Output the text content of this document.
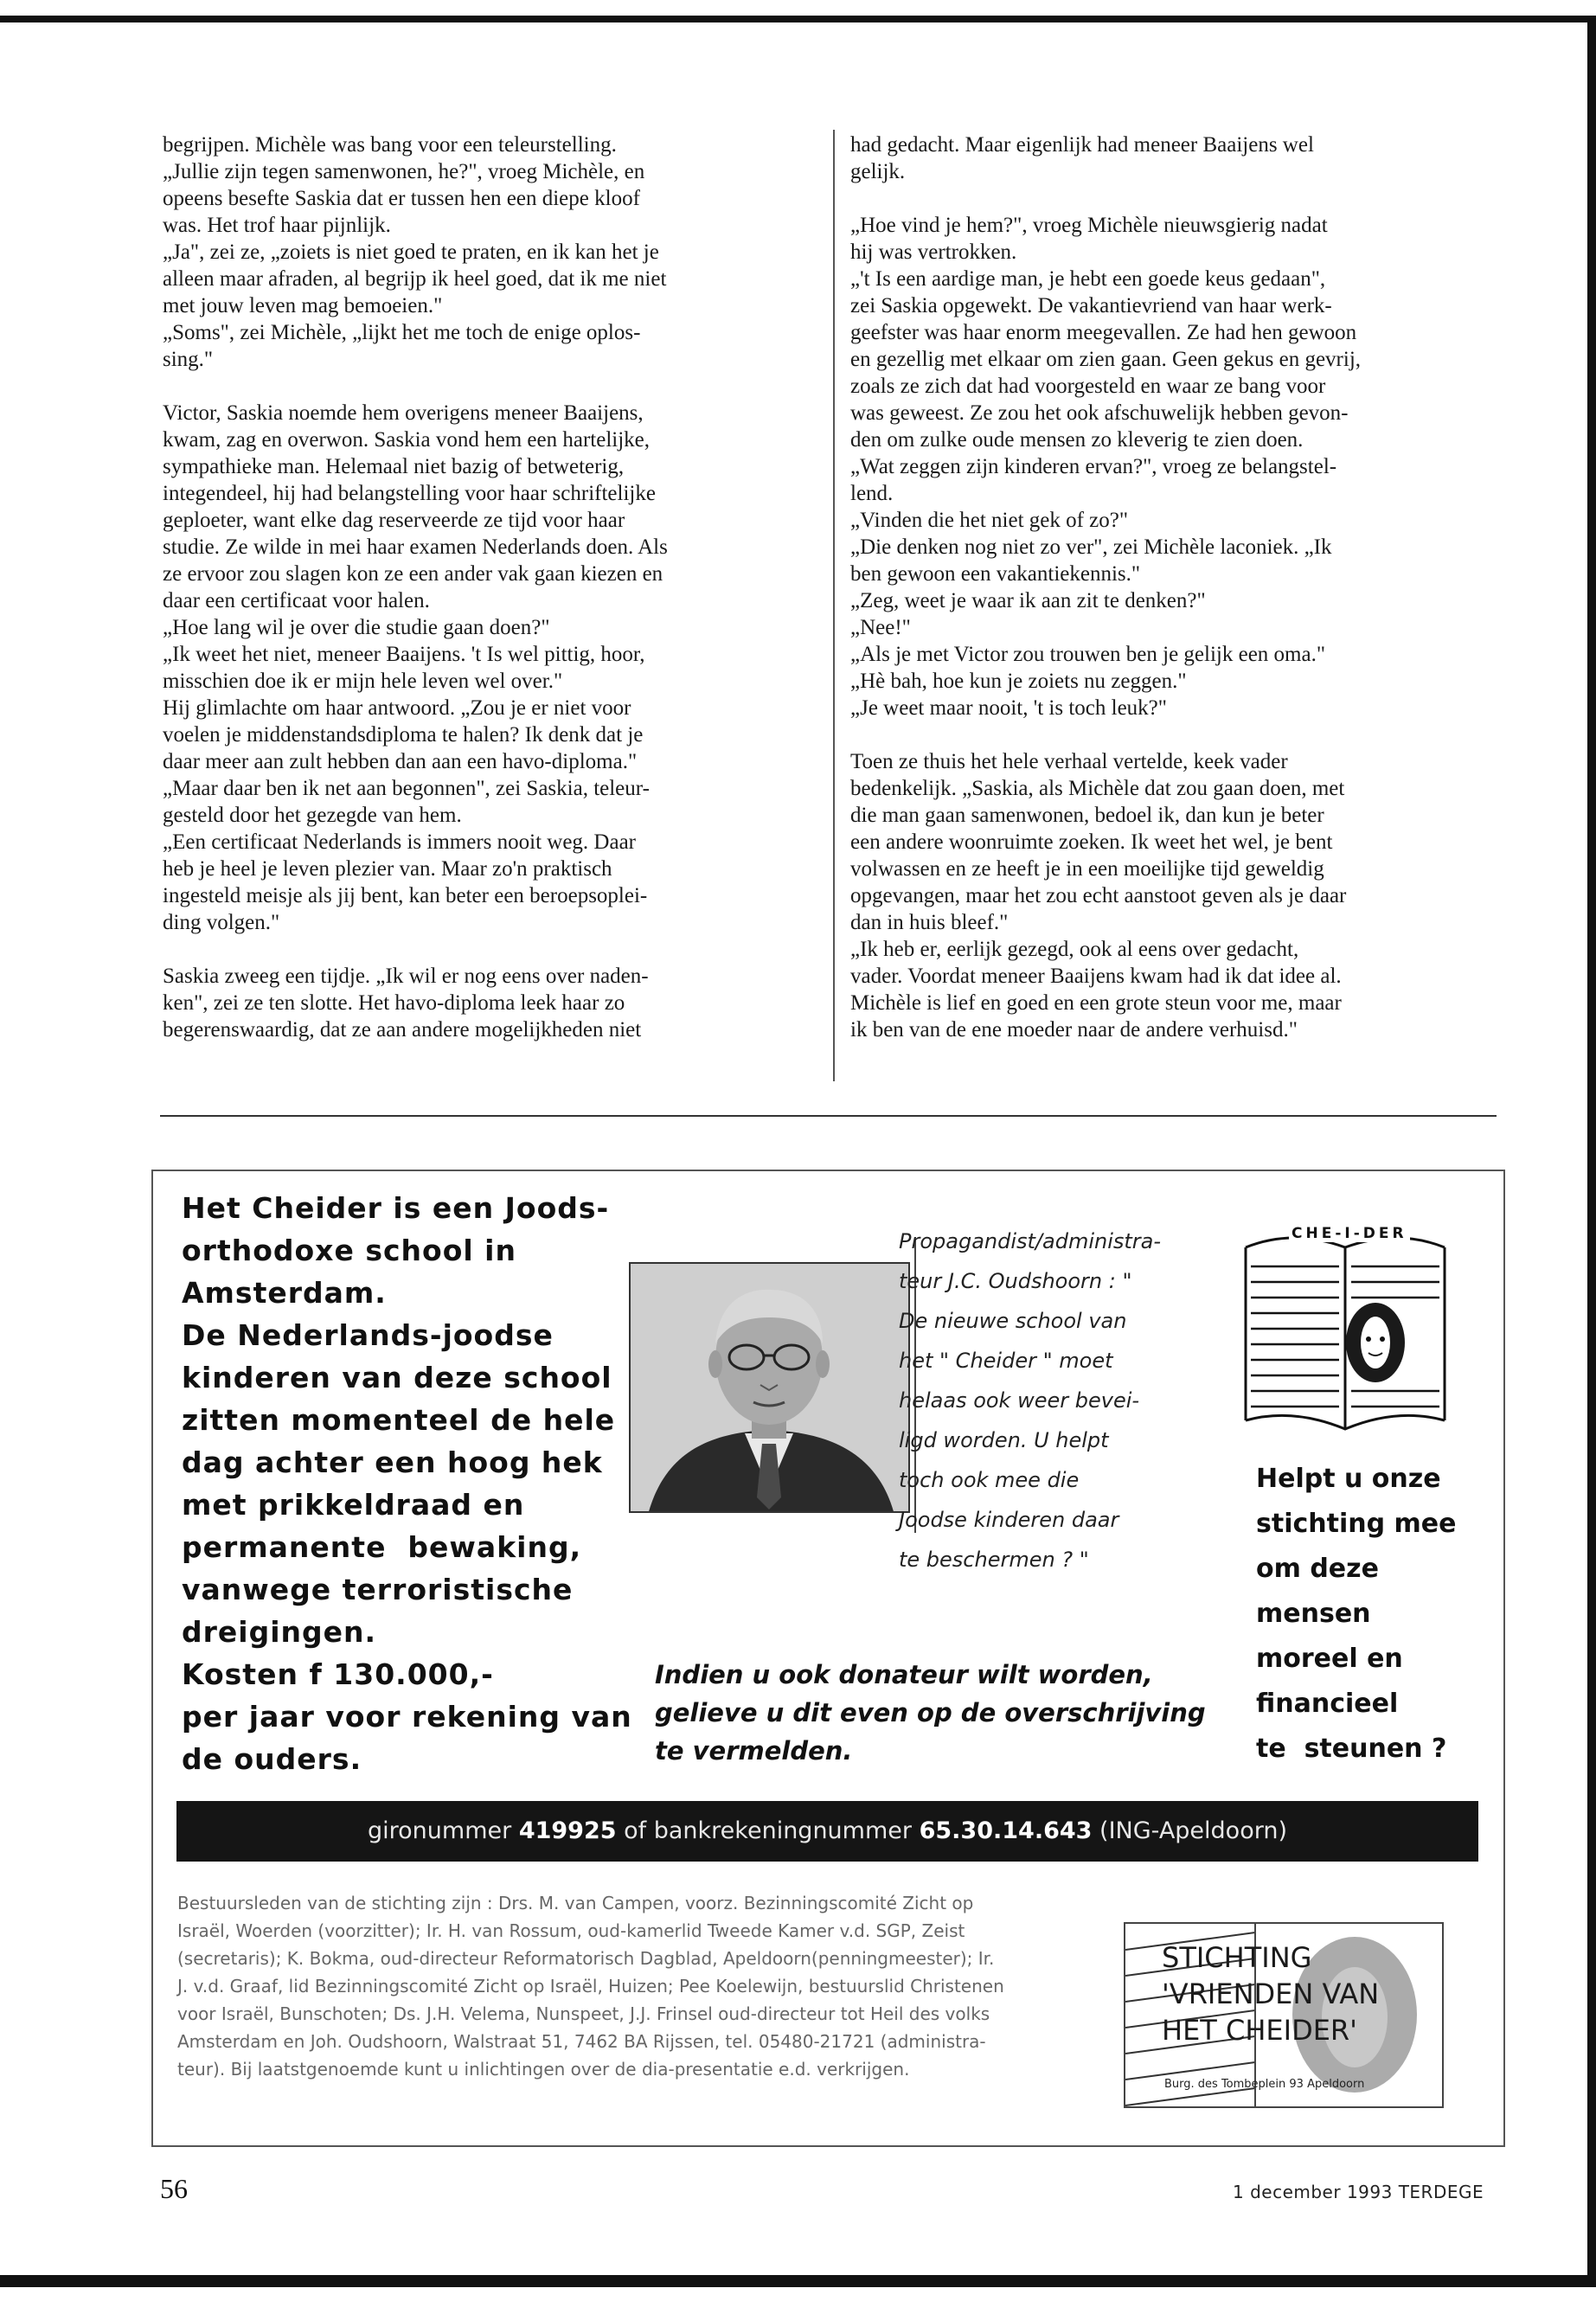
begrijpen. Michèle was bang voor een teleurstelling.
„Jullie zijn tegen samenwonen, he?", vroeg Michèle, en
opeens besefte Saskia dat er tussen hen een diepe kloof
was. Het trof haar pijnlijk.
„Ja", zei ze, „zoiets is niet goed te praten, en ik kan het je
alleen maar afraden, al begrijp ik heel goed, dat ik me niet
met jouw leven mag bemoeien."
„Soms", zei Michèle, „lijkt het me toch de enige oplos-
sing."

Victor, Saskia noemde hem overigens meneer Baaijens,
kwam, zag en overwon. Saskia vond hem een hartelijke,
sympathieke man. Helemaal niet bazig of betweterig,
integendeel, hij had belangstelling voor haar schriftelijke
geploeter, want elke dag reserveerde ze tijd voor haar
studie. Ze wilde in mei haar examen Nederlands doen. Als
ze ervoor zou slagen kon ze een ander vak gaan kiezen en
daar een certificaat voor halen.
„Hoe lang wil je over die studie gaan doen?"
„Ik weet het niet, meneer Baaijens. 't Is wel pittig, hoor,
misschien doe ik er mijn hele leven wel over."
Hij glimlachte om haar antwoord. „Zou je er niet voor
voelen je middenstandsdiploma te halen? Ik denk dat je
daar meer aan zult hebben dan aan een havo-diploma."
„Maar daar ben ik net aan begonnen", zei Saskia, teleur-
gesteld door het gezegde van hem.
„Een certificaat Nederlands is immers nooit weg. Daar
heb je heel je leven plezier van. Maar zo'n praktisch
ingesteld meisje als jij bent, kan beter een beroepsoplei-
ding volgen."

Saskia zweeg een tijdje. „Ik wil er nog eens over naden-
ken", zei ze ten slotte. Het havo-diploma leek haar zo
begerenswaardig, dat ze aan andere mogelijkheden niet

had gedacht. Maar eigenlijk had meneer Baaijens wel
gelijk.

„Hoe vind je hem?", vroeg Michèle nieuwsgierig nadat
hij was vertrokken.
„'t Is een aardige man, je hebt een goede keus gedaan",
zei Saskia opgewekt. De vakantievriend van haar werk-
geefster was haar enorm meegevallen. Ze had hen gewoon
en gezellig met elkaar om zien gaan. Geen gekus en gevrij,
zoals ze zich dat had voorgesteld en waar ze bang voor
was geweest. Ze zou het ook afschuwelijk hebben gevon-
den om zulke oude mensen zo kleverig te zien doen.
„Wat zeggen zijn kinderen ervan?", vroeg ze belangstel-
lend.
„Vinden die het niet gek of zo?"
„Die denken nog niet zo ver", zei Michèle laconiek. „Ik
ben gewoon een vakantiekennis."
„Zeg, weet je waar ik aan zit te denken?"
„Nee!"
„Als je met Victor zou trouwen ben je gelijk een oma."
„Hè bah, hoe kun je zoiets nu zeggen."
„Je weet maar nooit, 't is toch leuk?"

Toen ze thuis het hele verhaal vertelde, keek vader
bedenkelijk. „Saskia, als Michèle dat zou gaan doen, met
die man gaan samenwonen, bedoel ik, dan kun je beter
een andere woonruimte zoeken. Ik weet het wel, je bent
volwassen en ze heeft je in een moeilijke tijd geweldig
opgevangen, maar het zou echt aanstoot geven als je daar
dan in huis bleef."
„Ik heb er, eerlijk gezegd, ook al eens over gedacht,
vader. Voordat meneer Baaijens kwam had ik dat idee al.
Michèle is lief en goed en een grote steun voor me, maar
ik ben van de ene moeder naar de andere verhuisd."

Het Cheider is een Joods-
orthodoxe school in
Amsterdam.
De Nederlands-joodse
kinderen van deze school
zitten momenteel de hele
dag achter een hoog hek
met prikkeldraad en
permanente  bewaking,
vanwege terroristische
dreigingen.
Kosten f 130.000,-
per jaar voor rekening van
de ouders.
Propagandist/administra-
teur J.C. Oudshoorn : "
De nieuwe school van
het " Cheider " moet
helaas ook weer bevei-
ligd worden. U helpt
toch ook mee die
Joodse kinderen daar
te beschermen ? "
CHE-I-DER
Helpt u onze
stichting mee
om deze
mensen
moreel en
financieel
te  steunen ?
Indien u ook donateur wilt worden,
gelieve u dit even op de overschrijving
te vermelden.
gironummer 419925 of bankrekeningnummer 65.30.14.643 (ING-Apeldoorn)
Bestuursleden van de stichting zijn : Drs. M. van Campen, voorz. Bezinningscomité Zicht op
Israël, Woerden (voorzitter); Ir. H. van Rossum, oud-kamerlid Tweede Kamer v.d. SGP, Zeist
(secretaris); K. Bokma, oud-directeur Reformatorisch Dagblad, Apeldoorn(penningmeester); Ir.
J. v.d. Graaf, lid Bezinningscomité Zicht op Israël, Huizen; Pee Koelewijn, bestuurslid Christenen
voor Israël, Bunschoten; Ds. J.H. Velema, Nunspeet, J.J. Frinsel oud-directeur tot Heil des volks
Amsterdam en Joh. Oudshoorn, Walstraat 51, 7462 BA Rijssen, tel. 05480-21721 (administra-
teur). Bij laatstgenoemde kunt u inlichtingen over de dia-presentatie e.d. verkrijgen.
STICHTING
'VRIENDEN VAN
HET CHEIDER'
Burg. des Tombeplein 93 Apeldoorn
56	1 december 1993 TERDEGE
